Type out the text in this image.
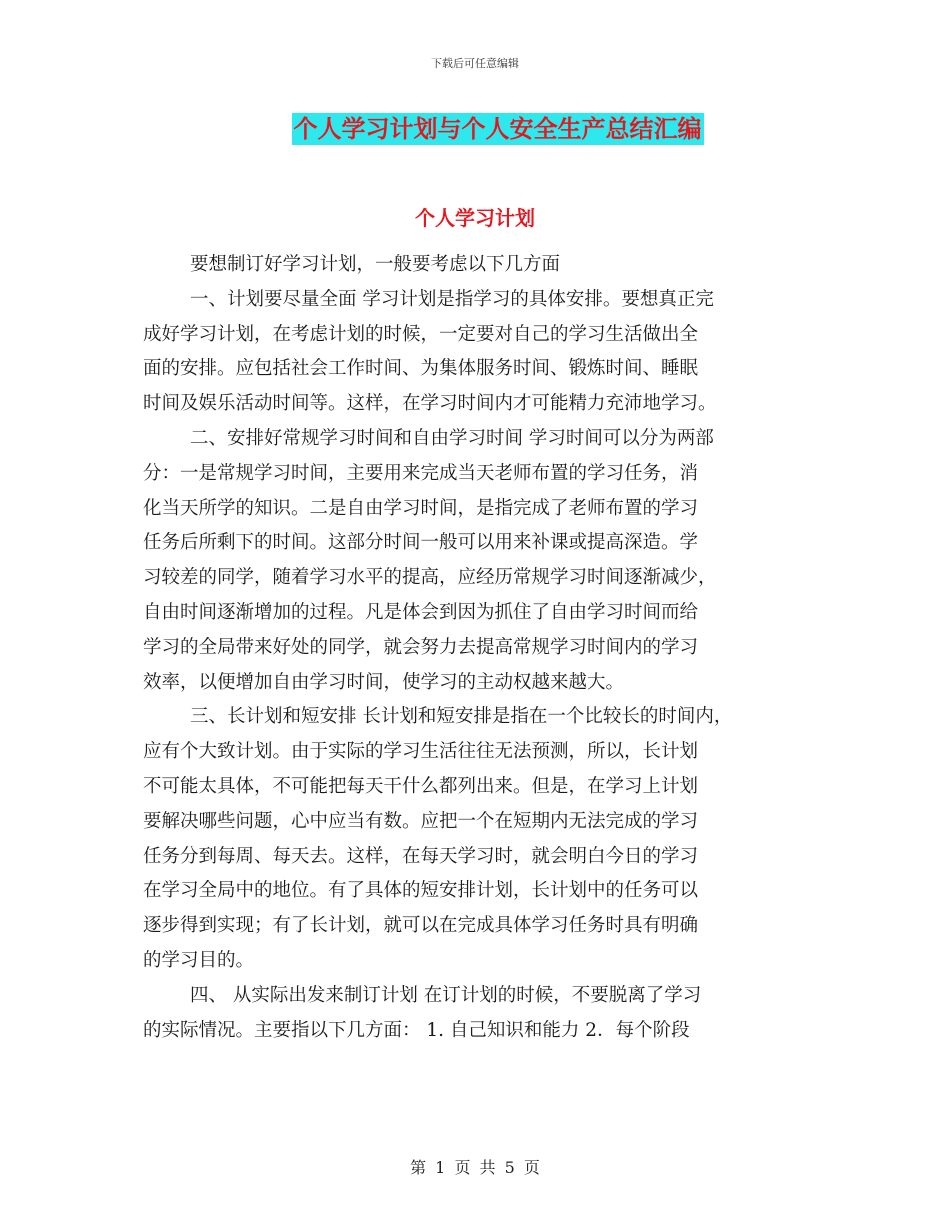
下载后可任意编辑
个人学习计划与个人安全生产总结汇编
个人学习计划
要想制订好学习计划，一般要考虑以下几方面
一、计划要尽量全面 学习计划是指学习的具体安排。要想真正完
成好学习计划，在考虑计划的时候，一定要对自己的学习生活做出全
面的安排。应包括社会工作时间、为集体服务时间、锻炼时间、睡眠
时间及娱乐活动时间等。这样，在学习时间内才可能精力充沛地学习。
二、安排好常规学习时间和自由学习时间 学习时间可以分为两部
分：一是常规学习时间，主要用来完成当天老师布置的学习任务，消
化当天所学的知识。二是自由学习时间，是指完成了老师布置的学习
任务后所剩下的时间。这部分时间一般可以用来补课或提高深造。学
习较差的同学，随着学习水平的提高，应经历常规学习时间逐渐减少，
自由时间逐渐增加的过程。凡是体会到因为抓住了自由学习时间而给
学习的全局带来好处的同学，就会努力去提高常规学习时间内的学习
效率，以便增加自由学习时间，使学习的主动权越来越大。
三、长计划和短安排 长计划和短安排是指在一个比较长的时间内，
应有个大致计划。由于实际的学习生活往往无法预测，所以，长计划
不可能太具体，不可能把每天干什么都列出来。但是，在学习上计划
要解决哪些问题，心中应当有数。应把一个在短期内无法完成的学习
任务分到每周、每天去。这样，在每天学习时，就会明白今日的学习
在学习全局中的地位。有了具体的短安排计划，长计划中的任务可以
逐步得到实现；有了长计划，就可以在完成具体学习任务时具有明确
的学习目的。
四、 从实际出发来制订计划 在订计划的时候，不要脱离了学习
的实际情况。主要指以下几方面： 1. 自己知识和能力 2．每个阶段
第 1 页 共 5 页
